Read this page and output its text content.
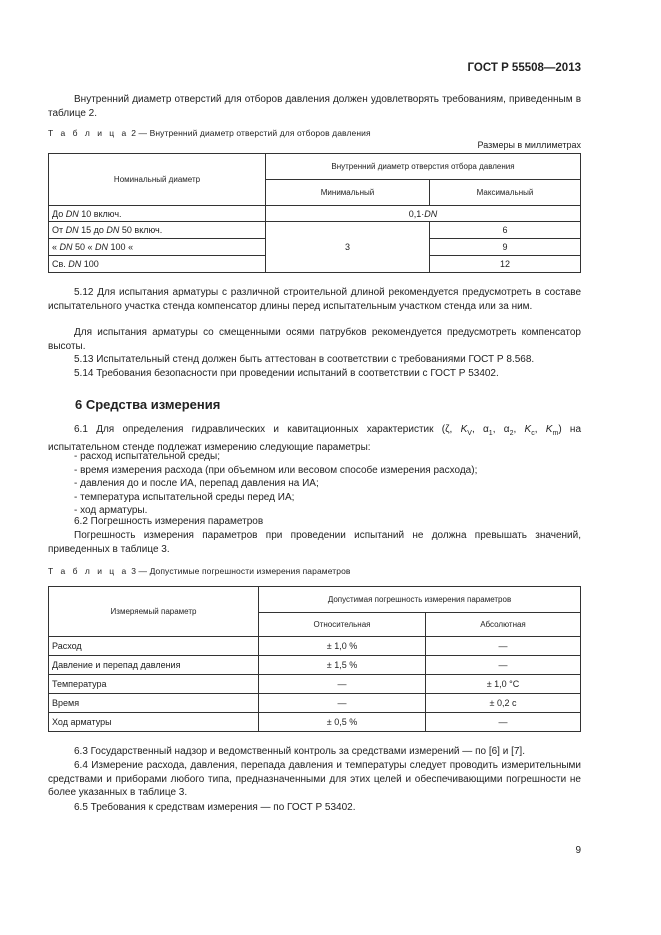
ГОСТ Р 55508—2013
Внутренний диаметр отверстий для отборов давления должен удовлетворять требованиям, приведенным в таблице 2.
Т а б л и ц а 2 — Внутренний диаметр отверстий для отборов давления
Размеры в миллиметрах
Номинальный диаметр	Внутренний диаметр отверстия отбора давления	
	Минимальный	Максимальный
До DN 10 включ.	0,1·DN	
От DN 15 до DN 50 включ.	3	6
« DN 50 « DN 100 «		9
Св. DN 100		12
5.12 Для испытания арматуры с различной строительной длиной рекомендуется предусмотреть в составе испытательного участка стенда компенсатор длины перед испытательным участком стенда или за ним.
Для испытания арматуры со смещенными осями патрубков рекомендуется предусмотреть компенсатор высоты.
5.13 Испытательный стенд должен быть аттестован в соответствии с требованиями ГОСТ Р 8.568.
5.14 Требования безопасности при проведении испытаний в соответствии с ГОСТ Р 53402.
6 Средства измерения
6.1 Для определения гидравлических и кавитационных характеристик (ζ, $K_V$, $\alpha_1$, $\alpha_2$, $K_c$, $K_m$) на испытательном стенде подлежат измерению следующие параметры:
- расход испытательной среды;
- время измерения расхода (при объемном или весовом способе измерения расхода);
- давления до и после ИА, перепад давления на ИА;
- температура испытательной среды перед ИА;
- ход арматуры.
6.2 Погрешность измерения параметров
Погрешность измерения параметров при проведении испытаний не должна превышать значений, приведенных в таблице 3.
Т а б л и ц а 3 — Допустимые погрешности измерения параметров
Измеряемый параметр	Допустимая погрешность измерения параметров	
	Относительная	Абсолютная
Расход	± 1,0 %	—
Давление и перепад давления	± 1,5 %	—
Температура	—	± 1,0 °С
Время	—	± 0,2 с
Ход арматуры	± 0,5 %	—
6.3 Государственный надзор и ведомственный контроль за средствами измерений — по [6] и [7].
6.4 Измерение расхода, давления, перепада давления и температуры следует проводить измерительными средствами и приборами любого типа, предназначенными для этих целей и обеспечивающими погрешности не более указанных в таблице 3.
6.5 Требования к средствам измерения — по ГОСТ Р 53402.
9
